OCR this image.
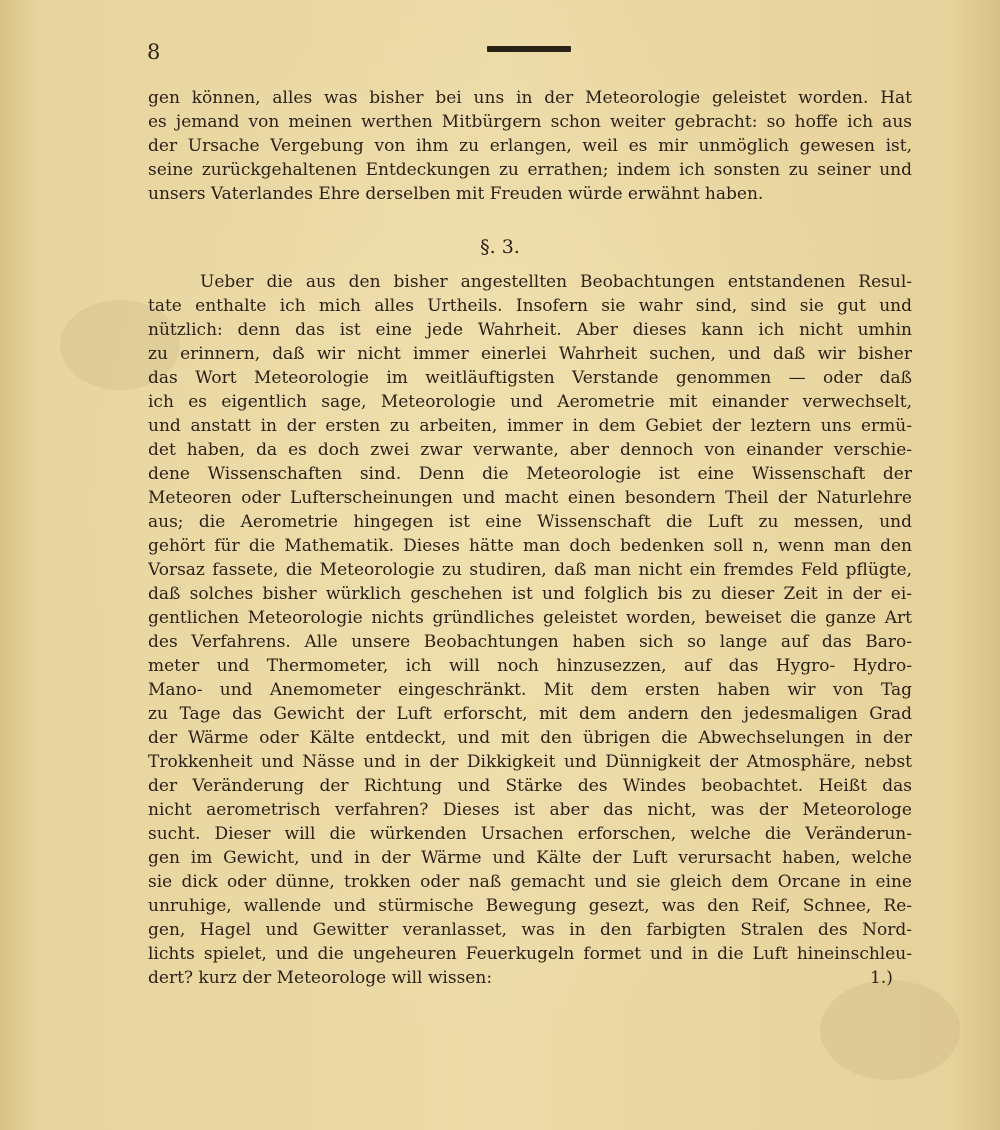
8
gen können, alles was bisher bei uns in der Meteorologie geleistet worden. Hat
es jemand von meinen werthen Mitbürgern schon weiter gebracht: so hoffe ich aus
der Ursache Vergebung von ihm zu erlangen, weil es mir unmöglich gewesen ist,
seine zurückgehaltenen Entdeckungen zu errathen; indem ich sonsten zu seiner und
unsers Vaterlandes Ehre derselben mit Freuden würde erwähnt haben.
§. 3.
Ueber die aus den bisher angestellten Beobachtungen entstandenen Resul-
tate enthalte ich mich alles Urtheils. Insofern sie wahr sind, sind sie gut und
nützlich: denn das ist eine jede Wahrheit. Aber dieses kann ich nicht umhin
zu erinnern, daß wir nicht immer einerlei Wahrheit suchen, und daß wir bisher
das Wort Meteorologie im weitläuftigsten Verstande genommen — oder daß
ich es eigentlich sage, Meteorologie und Aerometrie mit einander verwechselt,
und anstatt in der ersten zu arbeiten, immer in dem Gebiet der leztern uns ermü-
det haben, da es doch zwei zwar verwante, aber dennoch von einander verschie-
dene Wissenschaften sind. Denn die Meteorologie ist eine Wissenschaft der
Meteoren oder Lufterscheinungen und macht einen besondern Theil der Naturlehre
aus; die Aerometrie hingegen ist eine Wissenschaft die Luft zu messen, und
gehört für die Mathematik. Dieses hätte man doch bedenken soll n, wenn man den
Vorsaz fassete, die Meteorologie zu studiren, daß man nicht ein fremdes Feld pflügte,
daß solches bisher würklich geschehen ist und folglich bis zu dieser Zeit in der ei-
gentlichen Meteorologie nichts gründliches geleistet worden, beweiset die ganze Art
des Verfahrens. Alle unsere Beobachtungen haben sich so lange auf das Baro-
meter und Thermometer, ich will noch hinzusezzen, auf das Hygro- Hydro-
Mano- und Anemometer eingeschränkt. Mit dem ersten haben wir von Tag
zu Tage das Gewicht der Luft erforscht, mit dem andern den jedesmaligen Grad
der Wärme oder Kälte entdeckt, und mit den übrigen die Abwechselungen in der
Trokkenheit und Nässe und in der Dikkigkeit und Dünnigkeit der Atmosphäre, nebst
der Veränderung der Richtung und Stärke des Windes beobachtet. Heißt das
nicht aerometrisch verfahren? Dieses ist aber das nicht, was der Meteorologe
sucht. Dieser will die würkenden Ursachen erforschen, welche die Veränderun-
gen im Gewicht, und in der Wärme und Kälte der Luft verursacht haben, welche
sie dick oder dünne, trokken oder naß gemacht und sie gleich dem Orcane in eine
unruhige, wallende und stürmische Bewegung gesezt, was den Reif, Schnee, Re-
gen, Hagel und Gewitter veranlasset, was in den farbigten Stralen des Nord-
lichts spielet, und die ungeheuren Feuerkugeln formet und in die Luft hineinschleu-
dert? kurz der Meteorologe will wissen:	1.)
